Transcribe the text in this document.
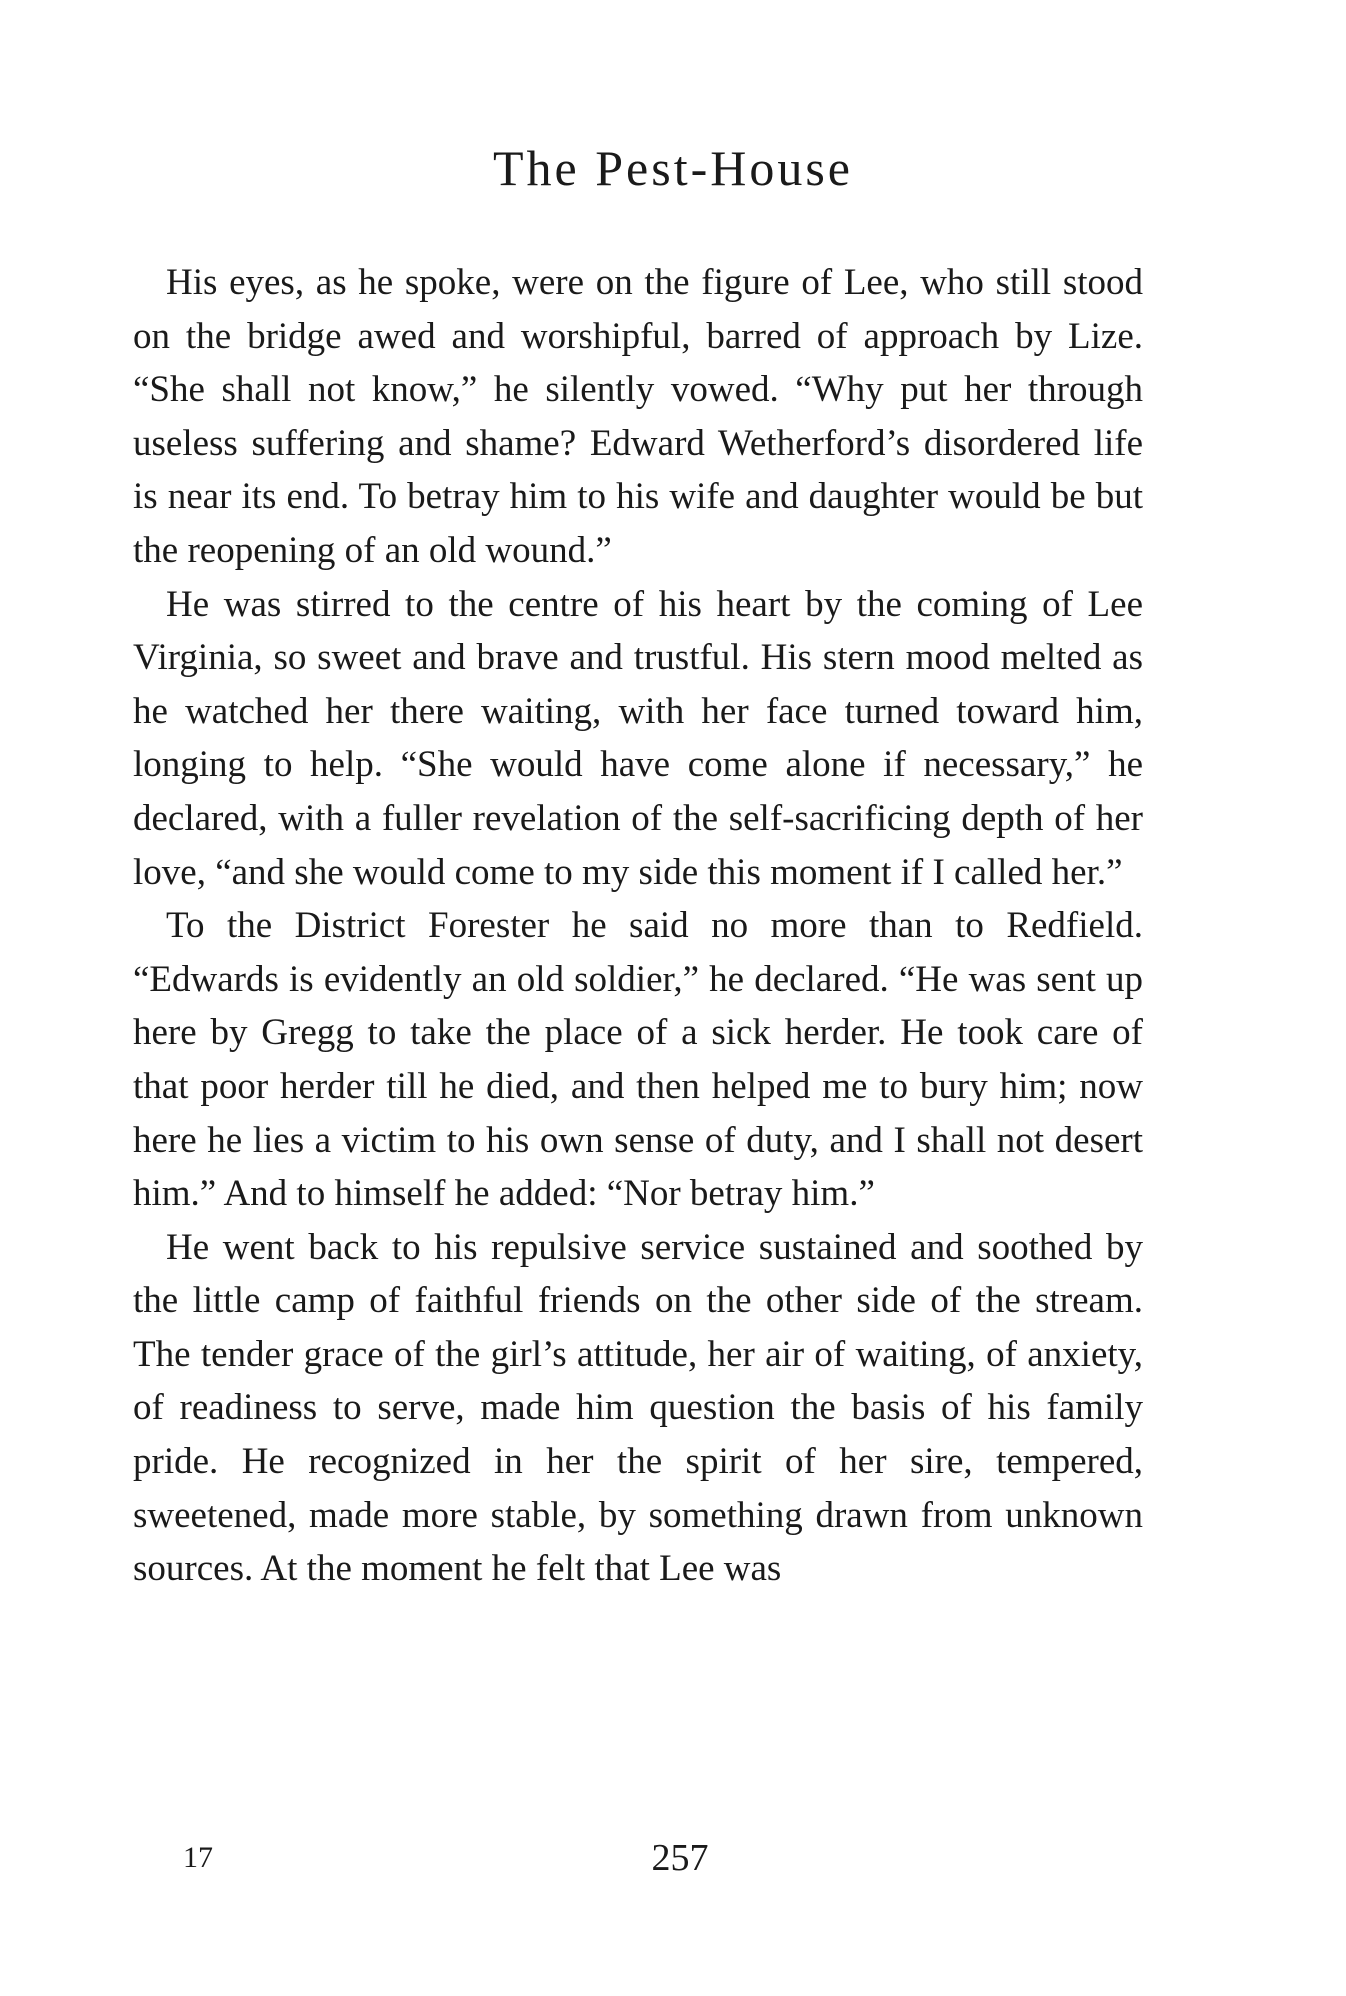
The Pest-House

His eyes, as he spoke, were on the figure of Lee, who still stood on the bridge awed and worshipful, barred of approach by Lize. “She shall not know,” he silently vowed. “Why put her through useless suffering and shame? Edward Wetherford’s disordered life is near its end. To betray him to his wife and daughter would be but the reopening of an old wound.”

He was stirred to the centre of his heart by the coming of Lee Virginia, so sweet and brave and trustful. His stern mood melted as he watched her there waiting, with her face turned toward him, longing to help. “She would have come alone if necessary,” he declared, with a fuller revelation of the self-sacrificing depth of her love, “and she would come to my side this moment if I called her.”

To the District Forester he said no more than to Redfield. “Edwards is evidently an old soldier,” he declared. “He was sent up here by Gregg to take the place of a sick herder. He took care of that poor herder till he died, and then helped me to bury him; now here he lies a victim to his own sense of duty, and I shall not desert him.” And to himself he added: “Nor betray him.”

He went back to his repulsive service sustained and soothed by the little camp of faithful friends on the other side of the stream. The tender grace of the girl’s attitude, her air of waiting, of anxiety, of readiness to serve, made him question the basis of his family pride. He recognized in her the spirit of her sire, tempered, sweetened, made more stable, by something drawn from unknown sources. At the moment he felt that Lee was

17	257
